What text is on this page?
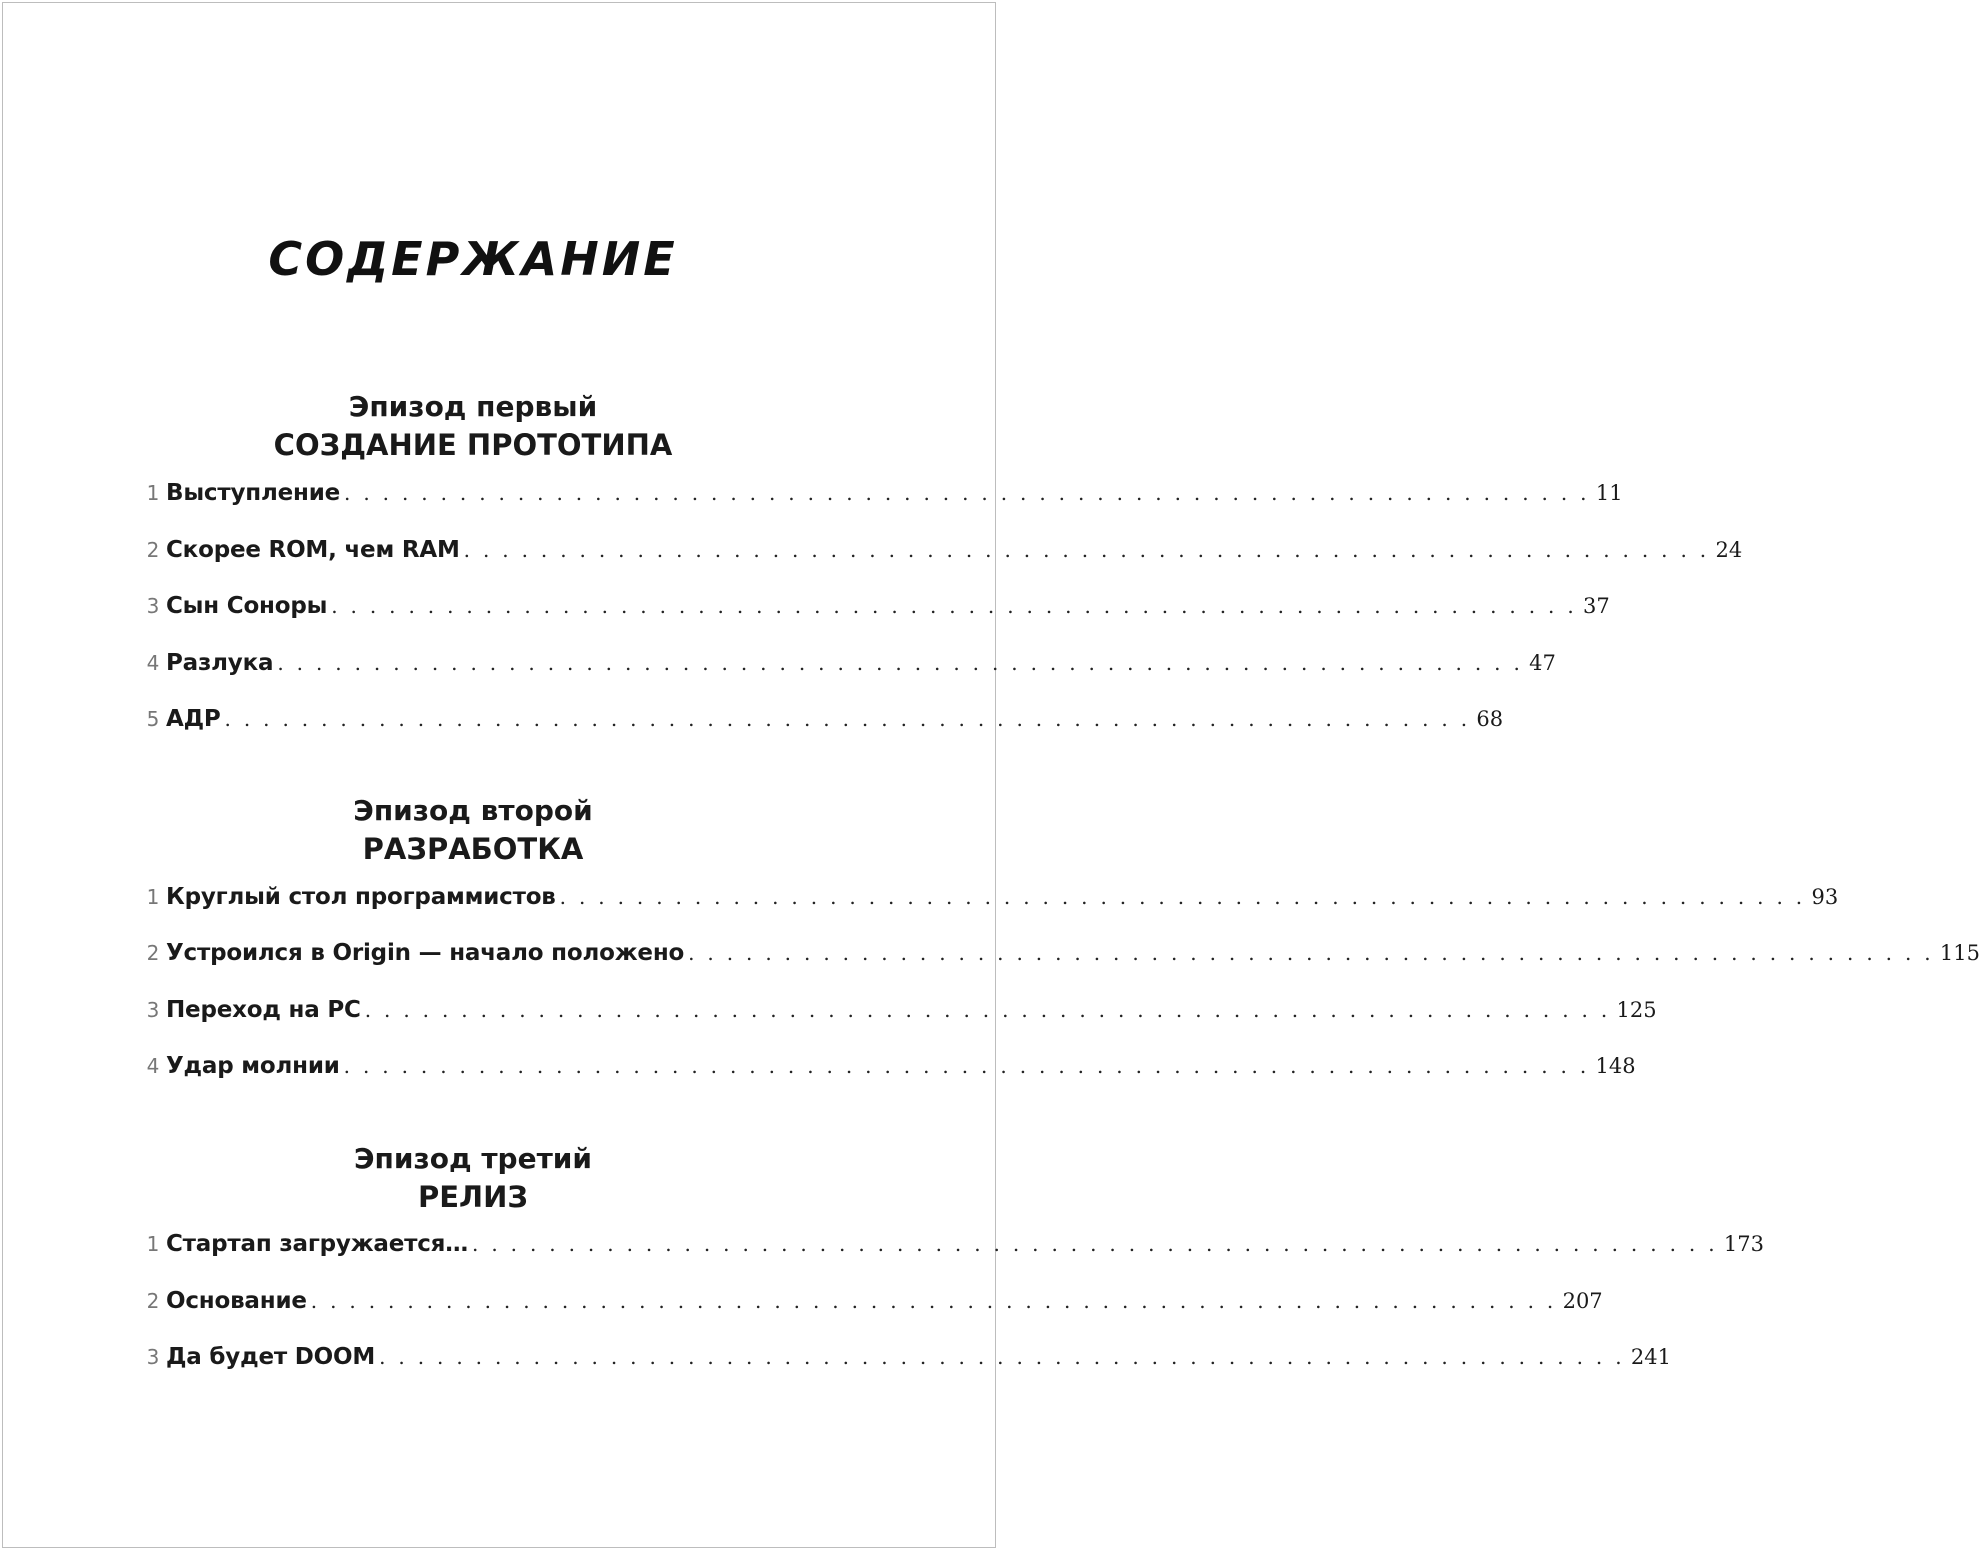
СОДЕРЖАНИЕ
Эпизод первый
СОЗДАНИЕ ПРОТОТИПА
1 Выступление . . . . . . . . . . . . . . . . . . . . . . . . . . . . . . . . . . . . . . . . . . . . . . . . . . . . . . . . . . . . . . . . . 11
2 Скорее ROM, чем RAM . . . . . . . . . . . . . . . . . . . . . . . . . . . . . . . . . . . . . . . . . . . . . . . . . . . . . . . . . . . . . . . . . 24
3 Сын Соноры . . . . . . . . . . . . . . . . . . . . . . . . . . . . . . . . . . . . . . . . . . . . . . . . . . . . . . . . . . . . . . . . . 37
4 Разлука . . . . . . . . . . . . . . . . . . . . . . . . . . . . . . . . . . . . . . . . . . . . . . . . . . . . . . . . . . . . . . . . . 47
5 АДР . . . . . . . . . . . . . . . . . . . . . . . . . . . . . . . . . . . . . . . . . . . . . . . . . . . . . . . . . . . . . . . . . 68
Эпизод второй
РАЗРАБОТКА
1 Круглый стол программистов . . . . . . . . . . . . . . . . . . . . . . . . . . . . . . . . . . . . . . . . . . . . . . . . . . . . . . . . . . . . . . . . . 93
2 Устроился в Origin — начало положено . . . . . . . . . . . . . . . . . . . . . . . . . . . . . . . . . . . . . . . . . . . . . . . . . . . . . . . . . . . . . . . . . 115
3 Переход на PC . . . . . . . . . . . . . . . . . . . . . . . . . . . . . . . . . . . . . . . . . . . . . . . . . . . . . . . . . . . . . . . . . 125
4 Удар молнии . . . . . . . . . . . . . . . . . . . . . . . . . . . . . . . . . . . . . . . . . . . . . . . . . . . . . . . . . . . . . . . . . 148
Эпизод третий
РЕЛИЗ
1 Стартап загружается… . . . . . . . . . . . . . . . . . . . . . . . . . . . . . . . . . . . . . . . . . . . . . . . . . . . . . . . . . . . . . . . . . 173
2 Основание . . . . . . . . . . . . . . . . . . . . . . . . . . . . . . . . . . . . . . . . . . . . . . . . . . . . . . . . . . . . . . . . . 207
3 Да будет DOOM . . . . . . . . . . . . . . . . . . . . . . . . . . . . . . . . . . . . . . . . . . . . . . . . . . . . . . . . . . . . . . . . . 241
